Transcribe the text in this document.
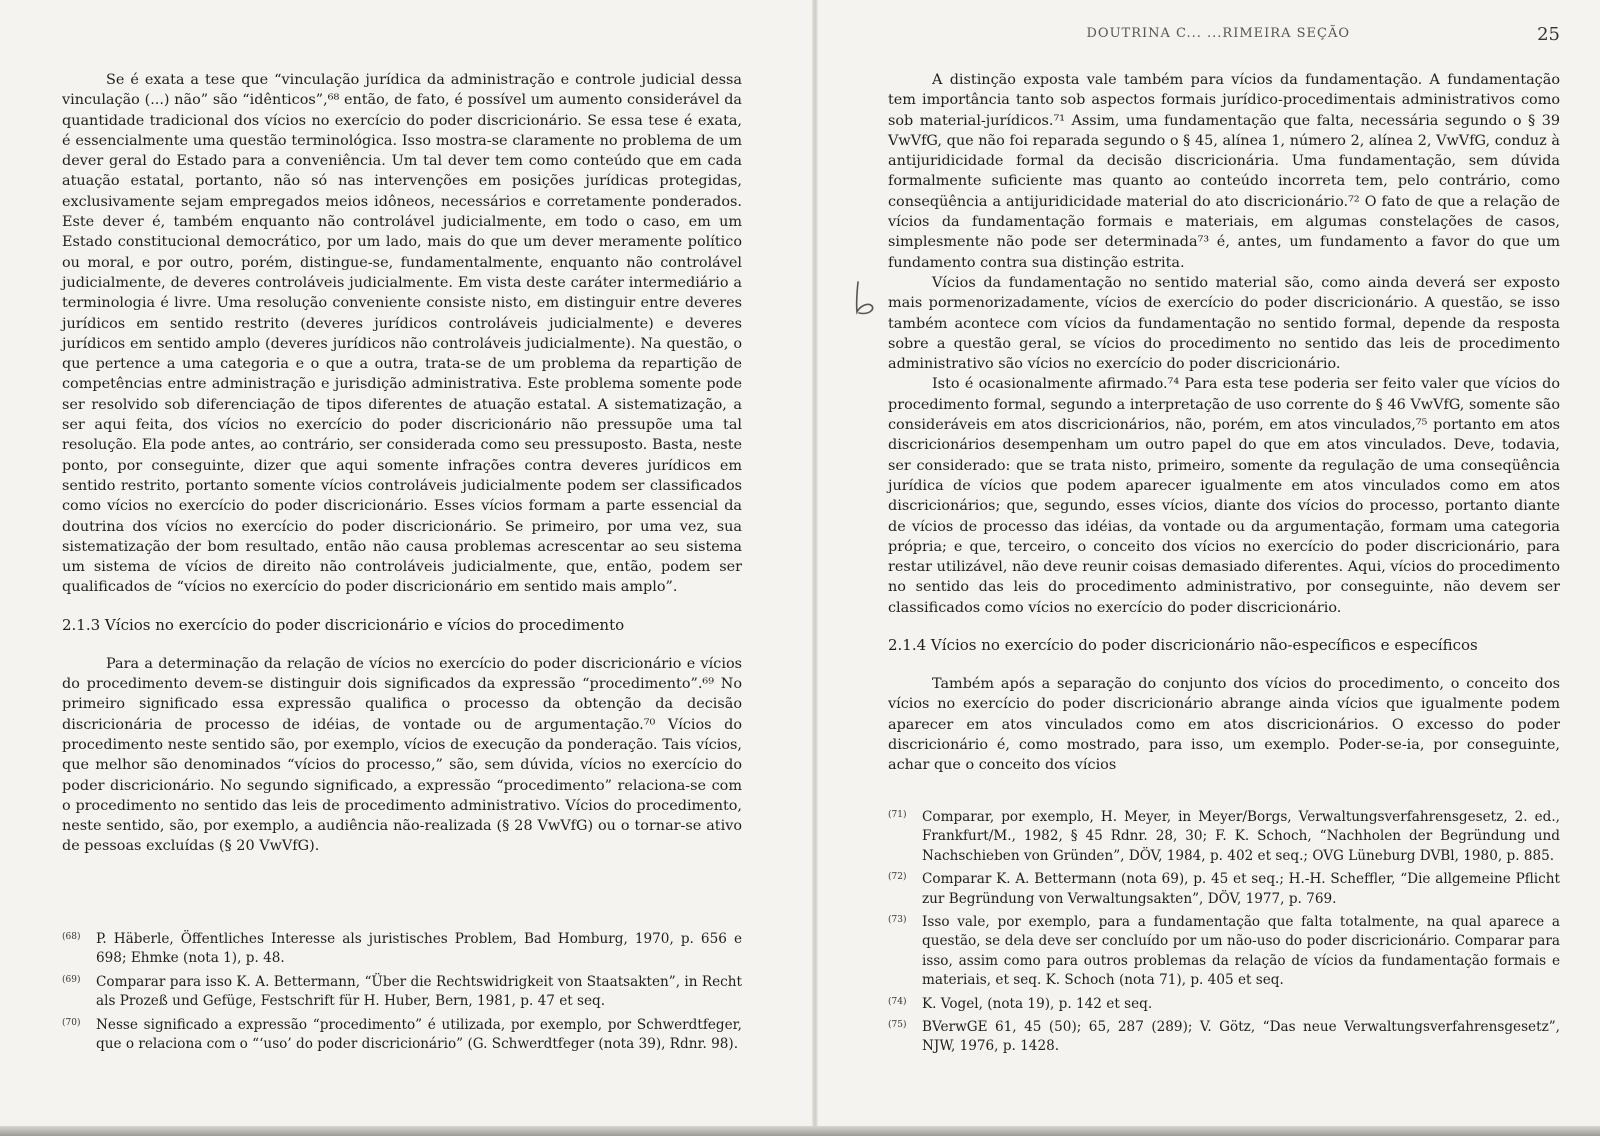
Se é exata a tese que “vinculação jurídica da administração e controle judicial dessa vinculação (...) não” são “idênticos”,⁶⁸ então, de fato, é possível um aumento considerável da quantidade tradicional dos vícios no exercício do poder discricionário. Se essa tese é exata, é essencialmente uma questão terminológica. Isso mostra-se claramente no problema de um dever geral do Estado para a conveniência. Um tal dever tem como conteúdo que em cada atuação estatal, portanto, não só nas intervenções em posições jurídicas protegidas, exclusivamente sejam empregados meios idôneos, necessários e corretamente ponderados. Este dever é, também enquanto não controlável judicialmente, em todo o caso, em um Estado constitucional democrático, por um lado, mais do que um dever meramente político ou moral, e por outro, porém, distingue-se, fundamentalmente, enquanto não controlável judicialmente, de deveres controláveis judicialmente. Em vista deste caráter intermediário a terminologia é livre. Uma resolução conveniente consiste nisto, em distinguir entre deveres jurídicos em sentido restrito (deveres jurídicos controláveis judicialmente) e deveres jurídicos em sentido amplo (deveres jurídicos não controláveis judicialmente). Na questão, o que pertence a uma categoria e o que a outra, trata-se de um problema da repartição de competências entre administração e jurisdição administrativa. Este problema somente pode ser resolvido sob diferenciação de tipos diferentes de atuação estatal. A sistematização, a ser aqui feita, dos vícios no exercício do poder discricionário não pressupõe uma tal resolução. Ela pode antes, ao contrário, ser considerada como seu pressuposto. Basta, neste ponto, por conseguinte, dizer que aqui somente infrações contra deveres jurídicos em sentido restrito, portanto somente vícios controláveis judicialmente podem ser classificados como vícios no exercício do poder discricionário. Esses vícios formam a parte essencial da doutrina dos vícios no exercício do poder discricionário. Se primeiro, por uma vez, sua sistematização der bom resultado, então não causa problemas acrescentar ao seu sistema um sistema de vícios de direito não controláveis judicialmente, que, então, podem ser qualificados de “vícios no exercício do poder discricionário em sentido mais amplo”.

2.1.3 Vícios no exercício do poder discricionário e vícios do procedimento

Para a determinação da relação de vícios no exercício do poder discricionário e vícios do procedimento devem-se distinguir dois significados da expressão “procedimento”.⁶⁹ No primeiro significado essa expressão qualifica o processo da obtenção da decisão discricionária de processo de idéias, de vontade ou de argumentação.⁷⁰ Vícios do procedimento neste sentido são, por exemplo, vícios de execução da ponderação. Tais vícios, que melhor são denominados “vícios do processo,” são, sem dúvida, vícios no exercício do poder discricionário. No segundo significado, a expressão “procedimento” relaciona-se com o procedimento no sentido das leis de procedimento administrativo. Vícios do procedimento, neste sentido, são, por exemplo, a audiência não-realizada (§ 28 VwVfG) ou o tornar-se ativo de pessoas excluídas (§ 20 VwVfG).

(68)	P. Häberle, Öffentliches Interesse als juristisches Problem, Bad Homburg, 1970, p. 656 e 698; Ehmke (nota 1), p. 48.
(69)	Comparar para isso K. A. Bettermann, “Über die Rechtswidrigkeit von Staatsakten”, in Recht als Prozeß und Gefüge, Festschrift für H. Huber, Bern, 1981, p. 47 et seq.
(70)	Nesse significado a expressão “procedimento” é utilizada, por exemplo, por Schwerdtfeger, que o relaciona com o “‘uso’ do poder discricionário” (G. Schwerdtfeger (nota 39), Rdnr. 98).
DOUTRINA C... ...RIMEIRA SEÇÃO	25

A distinção exposta vale também para vícios da fundamentação. A fundamentação tem importância tanto sob aspectos formais jurídico-procedimentais administrativos como sob material-jurídicos.⁷¹ Assim, uma fundamentação que falta, necessária segundo o § 39 VwVfG, que não foi reparada segundo o § 45, alínea 1, número 2, alínea 2, VwVfG, conduz à antijuridicidade formal da decisão discricionária. Uma fundamentação, sem dúvida formalmente suficiente mas quanto ao conteúdo incorreta tem, pelo contrário, como conseqüência a antijuridicidade material do ato discricionário.⁷² O fato de que a relação de vícios da fundamentação formais e materiais, em algumas constelações de casos, simplesmente não pode ser determinada⁷³ é, antes, um fundamento a favor do que um fundamento contra sua distinção estrita.

Vícios da fundamentação no sentido material são, como ainda deverá ser exposto mais pormenorizadamente, vícios de exercício do poder discricionário. A questão, se isso também acontece com vícios da fundamentação no sentido formal, depende da resposta sobre a questão geral, se vícios do procedimento no sentido das leis de procedimento administrativo são vícios no exercício do poder discricionário.

Isto é ocasionalmente afirmado.⁷⁴ Para esta tese poderia ser feito valer que vícios do procedimento formal, segundo a interpretação de uso corrente do § 46 VwVfG, somente são consideráveis em atos discricionários, não, porém, em atos vinculados,⁷⁵ portanto em atos discricionários desempenham um outro papel do que em atos vinculados. Deve, todavia, ser considerado: que se trata nisto, primeiro, somente da regulação de uma conseqüência jurídica de vícios que podem aparecer igualmente em atos vinculados como em atos discricionários; que, segundo, esses vícios, diante dos vícios do processo, portanto diante de vícios de processo das idéias, da vontade ou da argumentação, formam uma categoria própria; e que, terceiro, o conceito dos vícios no exercício do poder discricionário, para restar utilizável, não deve reunir coisas demasiado diferentes. Aqui, vícios do procedimento no sentido das leis do procedimento administrativo, por conseguinte, não devem ser classificados como vícios no exercício do poder discricionário.

2.1.4 Vícios no exercício do poder discricionário não-específicos e específicos

Também após a separação do conjunto dos vícios do procedimento, o conceito dos vícios no exercício do poder discricionário abrange ainda vícios que igualmente podem aparecer em atos vinculados como em atos discricionários. O excesso do poder discricionário é, como mostrado, para isso, um exemplo. Poder-se-ia, por conseguinte, achar que o conceito dos vícios

(71)	Comparar, por exemplo, H. Meyer, in Meyer/Borgs, Verwaltungsverfahrensgesetz, 2. ed., Frankfurt/M., 1982, § 45 Rdnr. 28, 30; F. K. Schoch, “Nachholen der Begründung und Nachschieben von Gründen”, DÖV, 1984, p. 402 et seq.; OVG Lüneburg DVBl, 1980, p. 885.
(72)	Comparar K. A. Bettermann (nota 69), p. 45 et seq.; H.-H. Scheffler, “Die allgemeine Pflicht zur Begründung von Verwaltungsakten”, DÖV, 1977, p. 769.
(73)	Isso vale, por exemplo, para a fundamentação que falta totalmente, na qual aparece a questão, se dela deve ser concluído por um não-uso do poder discricionário. Comparar para isso, assim como para outros problemas da relação de vícios da fundamentação formais e materiais, et seq. K. Schoch (nota 71), p. 405 et seq.
(74)	K. Vogel, (nota 19), p. 142 et seq.
(75)	BVerwGE 61, 45 (50); 65, 287 (289); V. Götz, “Das neue Verwaltungsverfahrensgesetz”, NJW, 1976, p. 1428.
